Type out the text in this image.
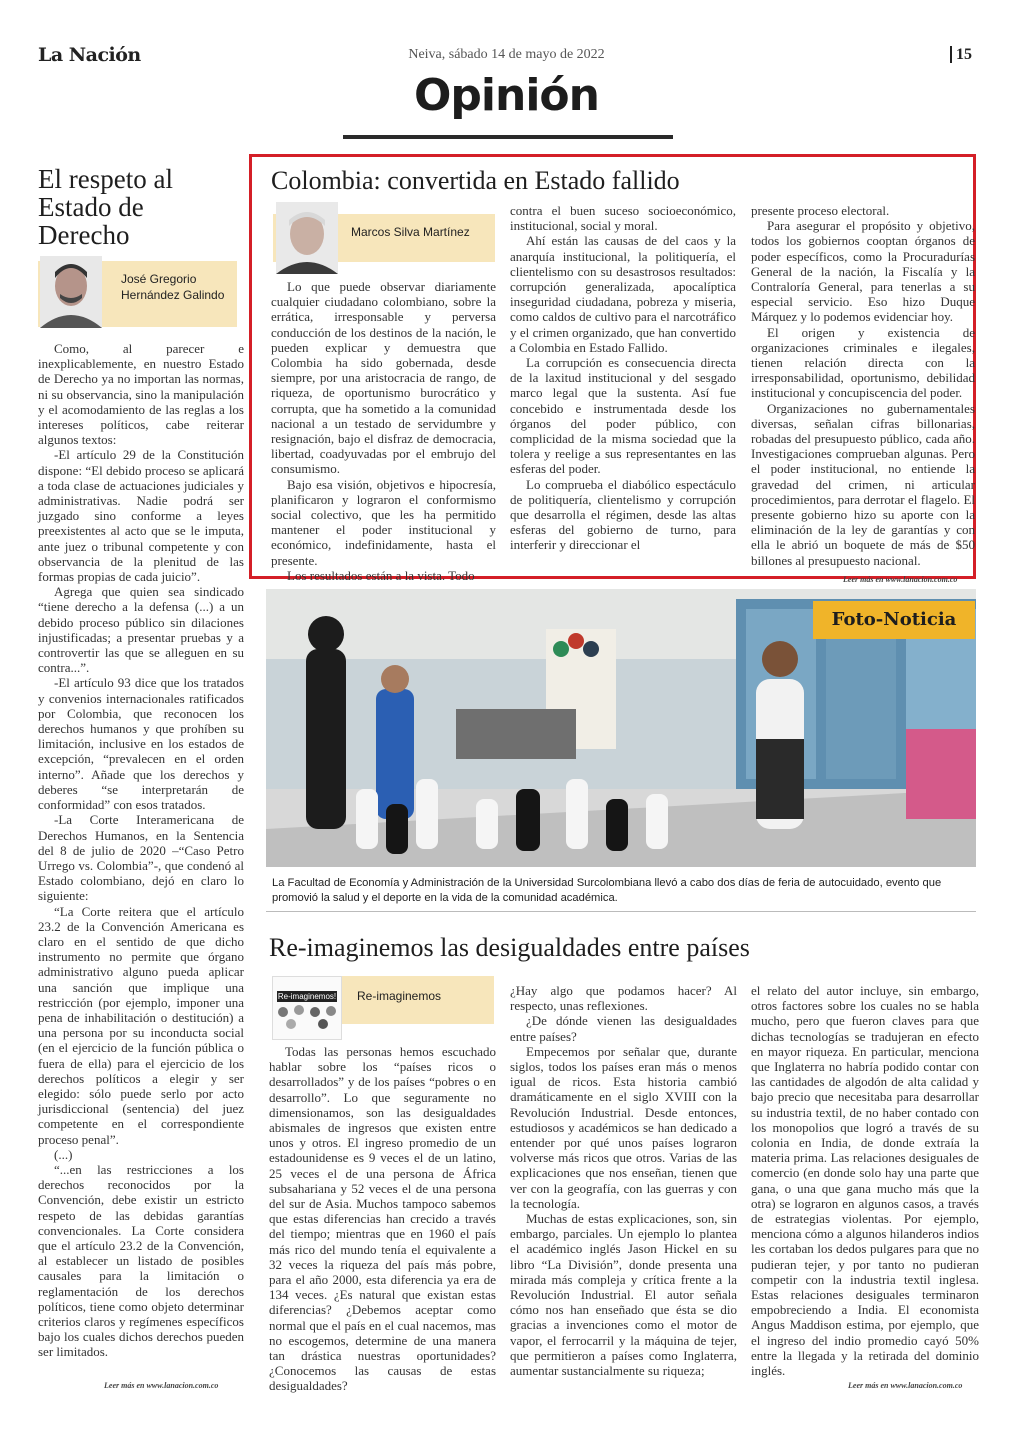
La Nación	Neiva, sábado 14 de mayo de 2022	15
Opinión
El respeto al Estado de Derecho
José Gregorio Hernández Galindo

Como, al parecer e inexplicablemente, en nuestro Estado de Derecho ya no importan las normas, ni su observancia, sino la manipulación y el acomodamiento de las reglas a los intereses políticos, cabe reiterar algunos textos:

-El artículo 29 de la Constitución dispone: “El debido proceso se aplicará a toda clase de actuaciones judiciales y administrativas. Nadie podrá ser juzgado sino conforme a leyes preexistentes al acto que se le imputa, ante juez o tribunal competente y con observancia de la plenitud de las formas propias de cada juicio”.

Agrega que quien sea sindicado “tiene derecho a la defensa (...) a un debido proceso público sin dilaciones injustificadas; a presentar pruebas y a controvertir las que se alleguen en su contra...”.

-El artículo 93 dice que los tratados y convenios internacionales ratificados por Colombia, que reconocen los derechos humanos y que prohíben su limitación, inclusive en los estados de excepción, “prevalecen en el orden interno”. Añade que los derechos y deberes “se interpretarán de conformidad” con esos tratados.

-La Corte Interamericana de Derechos Humanos, en la Sentencia del 8 de julio de 2020 –“Caso Petro Urrego vs. Colombia”-, que condenó al Estado colombiano, dejó en claro lo siguiente:

“La Corte reitera que el artículo 23.2 de la Convención Americana es claro en el sentido de que dicho instrumento no permite que órgano administrativo alguno pueda aplicar una sanción que implique una restricción (por ejemplo, imponer una pena de inhabilitación o destitución) a una persona por su inconducta social (en el ejercicio de la función pública o fuera de ella) para el ejercicio de los derechos políticos a elegir y ser elegido: sólo puede serlo por acto jurisdiccional (sentencia) del juez competente en el correspondiente proceso penal”.

(...)

“...en las restricciones a los derechos reconocidos por la Convención, debe existir un estricto respeto de las debidas garantías convencionales. La Corte considera que el artículo 23.2 de la Convención, al establecer un listado de posibles causales para la limitación o reglamentación de los derechos políticos, tiene como objeto determinar criterios claros y regímenes específicos bajo los cuales dichos derechos pueden ser limitados.

Leer más en www.lanacion.com.co
Colombia: convertida en Estado fallido
Marcos Silva Martínez

Lo que puede observar diariamente cualquier ciudadano colombiano, sobre la errática, irresponsable y perversa conducción de los destinos de la nación, le pueden explicar y demuestra que Colombia ha sido gobernada, desde siempre, por una aristocracia de rango, de riqueza, de oportunismo burocrático y corrupta, que ha sometido a la comunidad nacional a un testado de servidumbre y resignación, bajo el disfraz de democracia, libertad, coadyuvadas por el embrujo del consumismo.

Bajo esa visión, objetivos e hipocresía, planificaron y lograron el conformismo social colectivo, que les ha permitido mantener el poder institucional y económico, indefinidamente, hasta el presente.

Los resultados están a la vista. Todo

contra el buen suceso socioeconómico, institucional, social y moral.

Ahí están las causas de del caos y la anarquía institucional, la politiquería, el clientelismo con su desastrosos resultados: corrupción generalizada, apocalíptica inseguridad ciudadana, pobreza y miseria, como caldos de cultivo para el narcotráfico y el crimen organizado, que han convertido a Colombia en Estado Fallido.

La corrupción es consecuencia directa de la laxitud institucional y del sesgado marco legal que la sustenta. Así fue concebido e instrumentada desde los órganos del poder público, con complicidad de la misma sociedad que la tolera y reelige a sus representantes en las esferas del poder.

Lo comprueba el diabólico espectáculo de politiquería, clientelismo y corrupción que desarrolla el régimen, desde las altas esferas del gobierno de turno, para interferir y direccionar el

presente proceso electoral.

Para asegurar el propósito y objetivo, todos los gobiernos cooptan órganos de poder específicos, como la Procuradurías General de la nación, la Fiscalía y la Contraloría General, para tenerlas a su especial servicio. Eso hizo Duque Márquez y lo podemos evidenciar hoy.

El origen y existencia de organizaciones criminales e ilegales, tienen relación directa con la irresponsabilidad, oportunismo, debilidad institucional y concupiscencia del poder.

Organizaciones no gubernamentales diversas, señalan cifras billonarias, robadas del presupuesto público, cada año. Investigaciones comprueban algunas. Pero el poder institucional, no entiende la gravedad del crimen, ni articular procedimientos, para derrotar el flagelo. El presente gobierno hizo su aporte con la eliminación de la ley de garantías y con ella le abrió un boquete de más de $50 billones al presupuesto nacional.

Leer más en www.lanacion.com.co
Foto-Noticia
La Facultad de Economía y Administración de la Universidad Surcolombiana llevó a cabo dos días de feria de autocuidado, evento que promovió la salud y el deporte en la vida de la comunidad académica.
Re-imaginemos las desigualdades entre países
Re-imaginemos! Re-imaginemos

Todas las personas hemos escuchado hablar sobre los “países ricos o desarrollados” y de los países “pobres o en desarrollo”. Lo que seguramente no dimensionamos, son las desigualdades abismales de ingresos que existen entre unos y otros. El ingreso promedio de un estadounidense es 9 veces el de un latino, 25 veces el de una persona de África subsahariana y 52 veces el de una persona del sur de Asia. Muchos tampoco sabemos que estas diferencias han crecido a través del tiempo; mientras que en 1960 el país más rico del mundo tenía el equivalente a 32 veces la riqueza del país más pobre, para el año 2000, esta diferencia ya era de 134 veces. ¿Es natural que existan estas diferencias? ¿Debemos aceptar como normal que el país en el cual nacemos, mas no escogemos, determine de una manera tan drástica nuestras oportunidades? ¿Conocemos las causas de estas desigualdades?

¿Hay algo que podamos hacer? Al respecto, unas reflexiones.

¿De dónde vienen las desigualdades entre países?

Empecemos por señalar que, durante siglos, todos los países eran más o menos igual de ricos. Esta historia cambió dramáticamente en el siglo XVIII con la Revolución Industrial. Desde entonces, estudiosos y académicos se han dedicado a entender por qué unos países lograron volverse más ricos que otros. Varias de las explicaciones que nos enseñan, tienen que ver con la geografía, con las guerras y con la tecnología.

Muchas de estas explicaciones, son, sin embargo, parciales. Un ejemplo lo plantea el académico inglés Jason Hickel en su libro “La División”, donde presenta una mirada más compleja y crítica frente a la Revolución Industrial. El autor señala cómo nos han enseñado que ésta se dio gracias a invenciones como el motor de vapor, el ferrocarril y la máquina de tejer, que permitieron a países como Inglaterra, aumentar sustancialmente su riqueza;

el relato del autor incluye, sin embargo, otros factores sobre los cuales no se habla mucho, pero que fueron claves para que dichas tecnologías se tradujeran en efecto en mayor riqueza. En particular, menciona que Inglaterra no habría podido contar con las cantidades de algodón de alta calidad y bajo precio que necesitaba para desarrollar su industria textil, de no haber contado con los monopolios que logró a través de su colonia en India, de donde extraía la materia prima. Las relaciones desiguales de comercio (en donde solo hay una parte que gana, o una que gana mucho más que la otra) se lograron en algunos casos, a través de estrategias violentas. Por ejemplo, menciona cómo a algunos hilanderos indios les cortaban los dedos pulgares para que no pudieran tejer, y por tanto no pudieran competir con la industria textil inglesa. Estas relaciones desiguales terminaron empobreciendo a India. El economista Angus Maddison estima, por ejemplo, que el ingreso del indio promedio cayó 50% entre la llegada y la retirada del dominio inglés.

Leer más en www.lanacion.com.co
